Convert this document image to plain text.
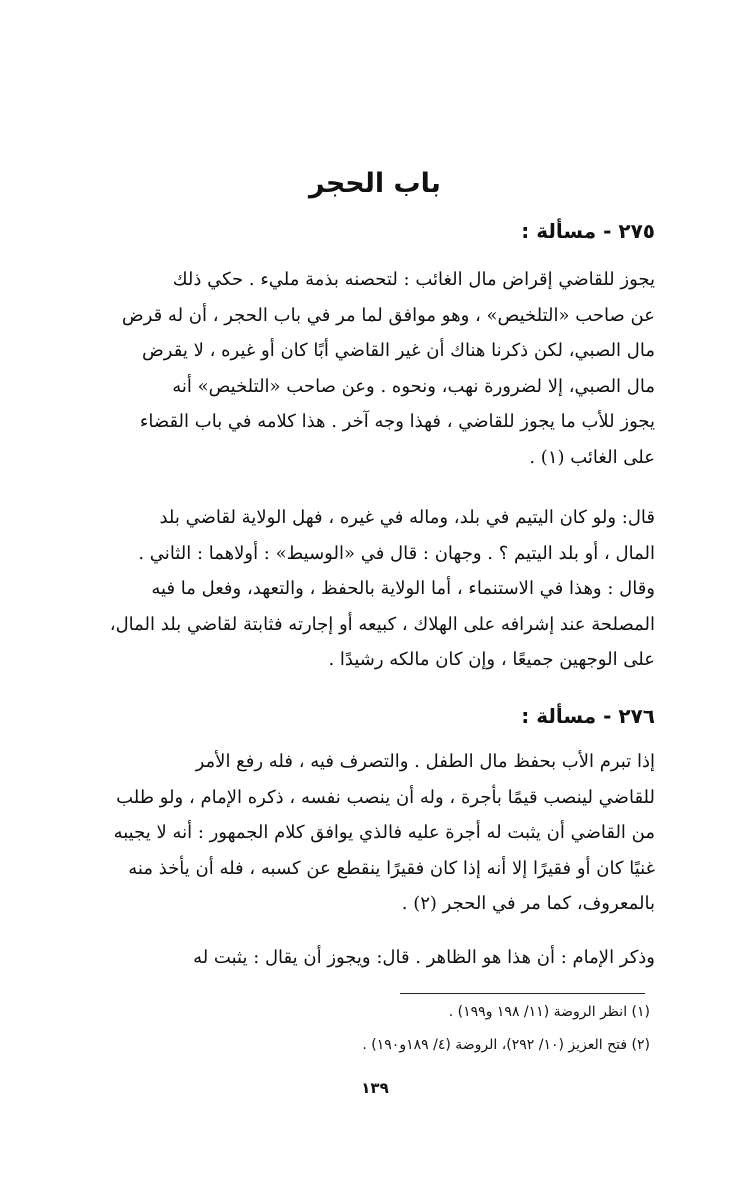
باب الحجر
٢٧٥ - مسألة :
يجوز للقاضي إقراض مال الغائب : لتحصنه بذمة مليء . حكي ذلك
عن صاحب «التلخيص» ، وهو موافق لما مر في باب الحجر ، أن له قرض
مال الصبي، لكن ذكرنا هناك أن غير القاضي أبًا كان أو غيره ، لا يقرض
مال الصبي، إلا لضرورة نهب، ونحوه . وعن صاحب «التلخيص» أنه
يجوز للأب ما يجوز للقاضي ، فهذا وجه آخر . هذا كلامه في باب القضاء
على الغائب (١) .
قال: ولو كان اليتيم في بلد، وماله في غيره ، فهل الولاية لقاضي بلد
المال ، أو بلد اليتيم ؟ . وجهان : قال في «الوسيط» : أولاهما : الثاني .
وقال : وهذا في الاستنماء ، أما الولاية بالحفظ ، والتعهد، وفعل ما فيه
المصلحة عند إشرافه على الهلاك ، كبيعه أو إجارته فثابتة لقاضي بلد المال،
على الوجهين جميعًا ، وإن كان مالكه رشيدًا .
٢٧٦ - مسألة :
إذا تبرم الأب بحفظ مال الطفل . والتصرف فيه ، فله رفع الأمر
للقاضي لينصب قيمًا بأجرة ، وله أن ينصب نفسه ، ذكره الإمام ، ولو طلب
من القاضي أن يثبت له أجرة عليه فالذي يوافق كلام الجمهور : أنه لا يجيبه
غنيًا كان أو فقيرًا إلا أنه إذا كان فقيرًا ينقطع عن كسبه ، فله أن يأخذ منه
بالمعروف، كما مر في الحجر (٢) .
وذكر الإمام : أن هذا هو الظاهر . قال: ويجوز أن يقال : يثبت له
(١) انظر الروضة (١١/ ١٩٨ و١٩٩) .
(٢) فتح العزيز (١٠/ ٢٩٢)، الروضة (٤/ ١٨٩و١٩٠) .
١٣٩
